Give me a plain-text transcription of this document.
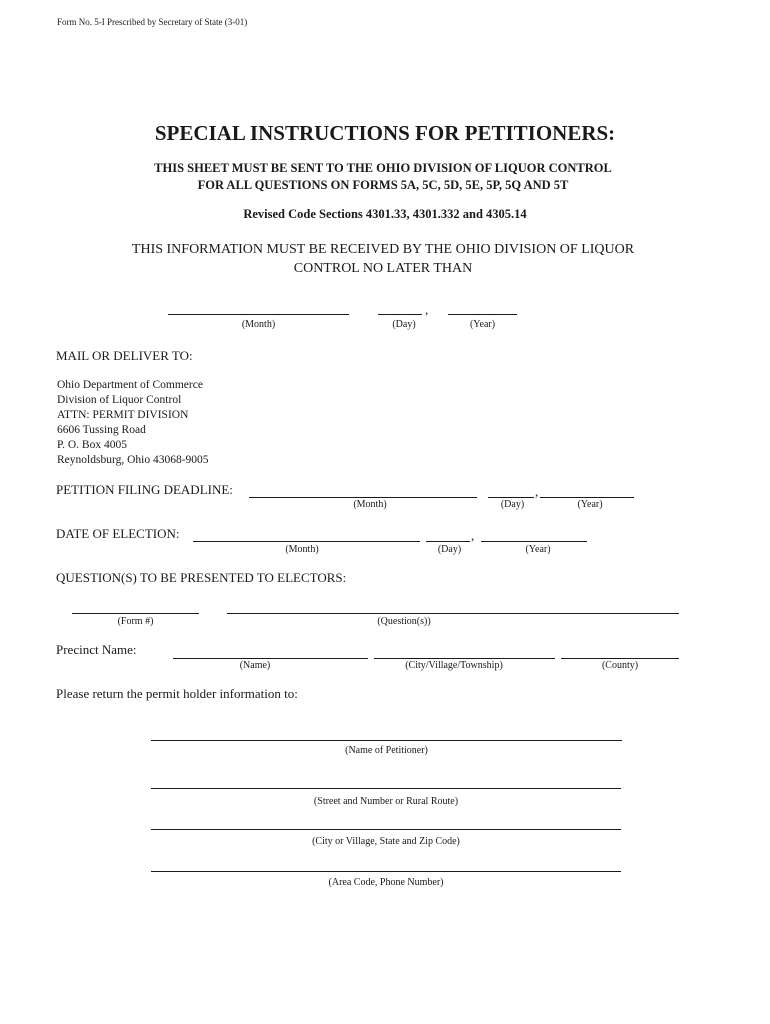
Form No. 5-I Prescribed by Secretary of State (3-01)
SPECIAL INSTRUCTIONS FOR PETITIONERS:
THIS SHEET MUST BE SENT TO THE OHIO DIVISION OF LIQUOR CONTROL
FOR ALL QUESTIONS ON FORMS 5A, 5C, 5D, 5E, 5P, 5Q AND 5T
Revised Code Sections 4301.33, 4301.332 and 4305.14
THIS INFORMATION MUST BE RECEIVED BY THE OHIO DIVISION OF LIQUOR
CONTROL NO LATER THAN
,
(Month)	(Day)	(Year)
MAIL OR DELIVER TO:
Ohio Department of Commerce
Division of Liquor Control
ATTN: PERMIT DIVISION
6606 Tussing Road
P. O. Box 4005
Reynoldsburg, Ohio 43068-9005
PETITION FILING DEADLINE:	,
(Month)	(Day)	(Year)
DATE OF ELECTION:	,
(Month)	(Day)	(Year)
QUESTION(S) TO BE PRESENTED TO ELECTORS:
(Form #)	(Question(s))
Precinct Name:
(Name)	(City/Village/Township)	(County)
Please return the permit holder information to:
(Name of Petitioner)
(Street and Number or Rural Route)
(City or Village, State and Zip Code)
(Area Code, Phone Number)
